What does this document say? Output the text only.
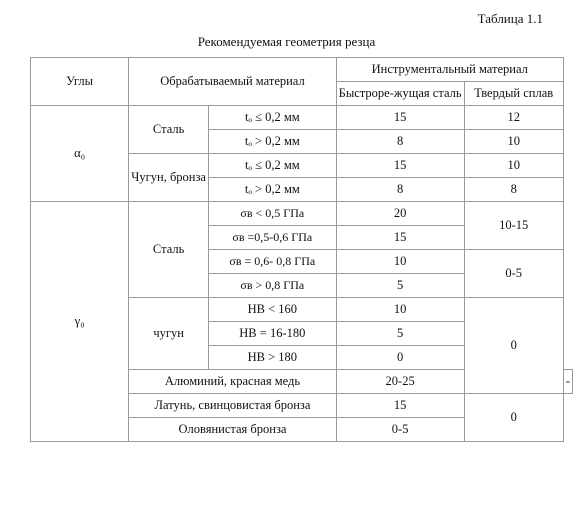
Таблица 1.1
Рекомендуемая геометрия резца
Углы	Обрабатываемый материал		Инструментальный материал		
			Быстроре-жущая сталь	Твердый сплав	
α₀	Сталь	tₒ ≤ 0,2 мм	15	12	
		tₒ > 0,2 мм	8	10	
	Чугун, бронза	tₒ ≤ 0,2 мм	15	10	
		tₒ > 0,2 мм	8	8	
γ₀	Сталь	σв < 0,5 ГПа	20	10-15	
		σв =0,5-0,6 ГПа	15		
		σв = 0,6- 0,8 ГПа	10	0-5	
		σв > 0,8 ГПа	5		
	чугун	HB < 160	10	0	
		HB = 16-180	5		
		HB > 180	0		
	Алюминий, красная медь		20-25		-
	Латунь, свинцовистая бронза		15	0	
	Оловянистая бронза		0-5		
